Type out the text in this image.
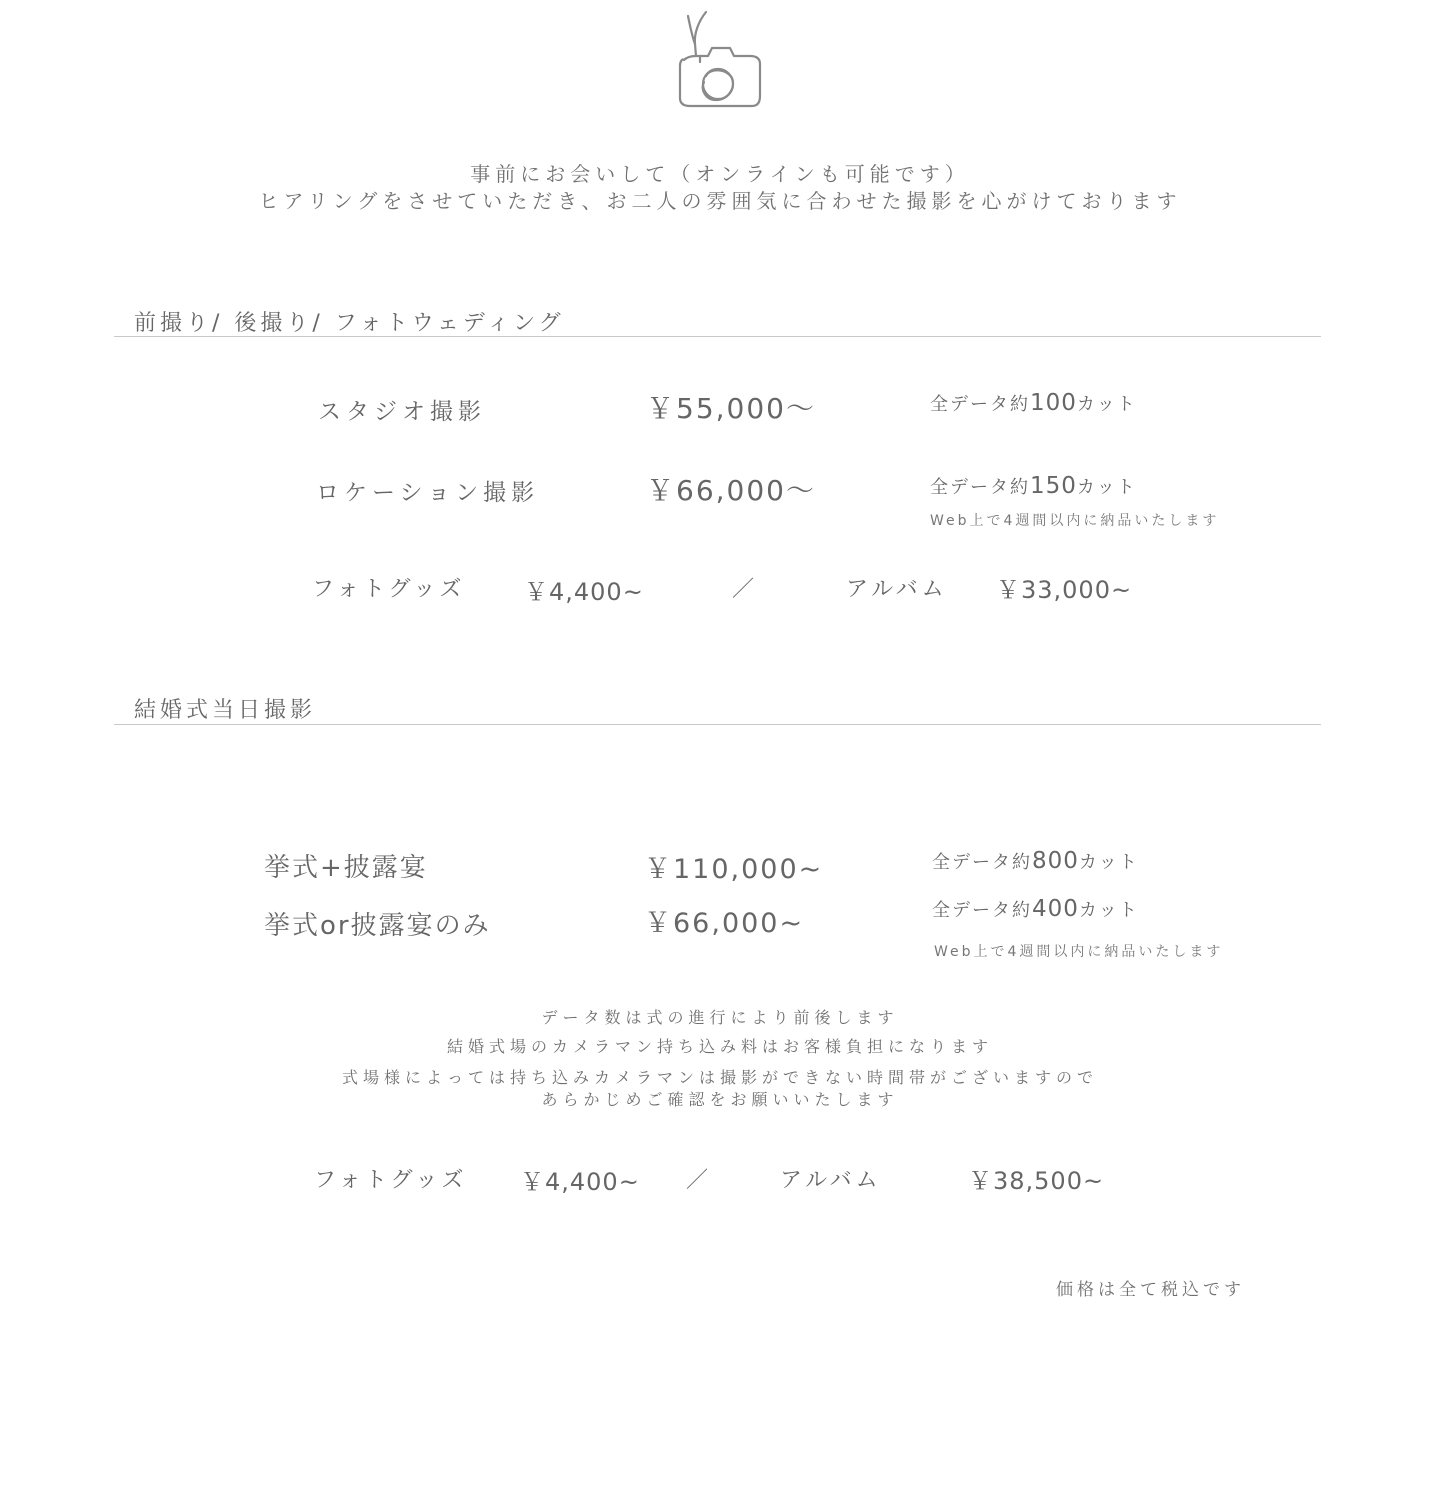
事前にお会いして（オンラインも可能です）
ヒアリングをさせていただき、お二人の雰囲気に合わせた撮影を心がけております
前撮り/ 後撮り/ フォトウェディング
スタジオ撮影	￥55,000〜	全データ約100カット
ロケーション撮影	￥66,000〜	全データ約150カット
Web上で4週間以内に納品いたします
フォトグッズ ￥4,400~	／	アルバム ￥33,000~
結婚式当日撮影
挙式+披露宴	￥110,000~	全データ約800カット
挙式or披露宴のみ	￥66,000~	全データ約400カット
Web上で4週間以内に納品いたします
データ数は式の進行により前後します
結婚式場のカメラマン持ち込み料はお客様負担になります
式場様によっては持ち込みカメラマンは撮影ができない時間帯がございますので
あらかじめご確認をお願いいたします
フォトグッズ ￥4,400~ ／	アルバム	￥38,500~
価格は全て税込です
